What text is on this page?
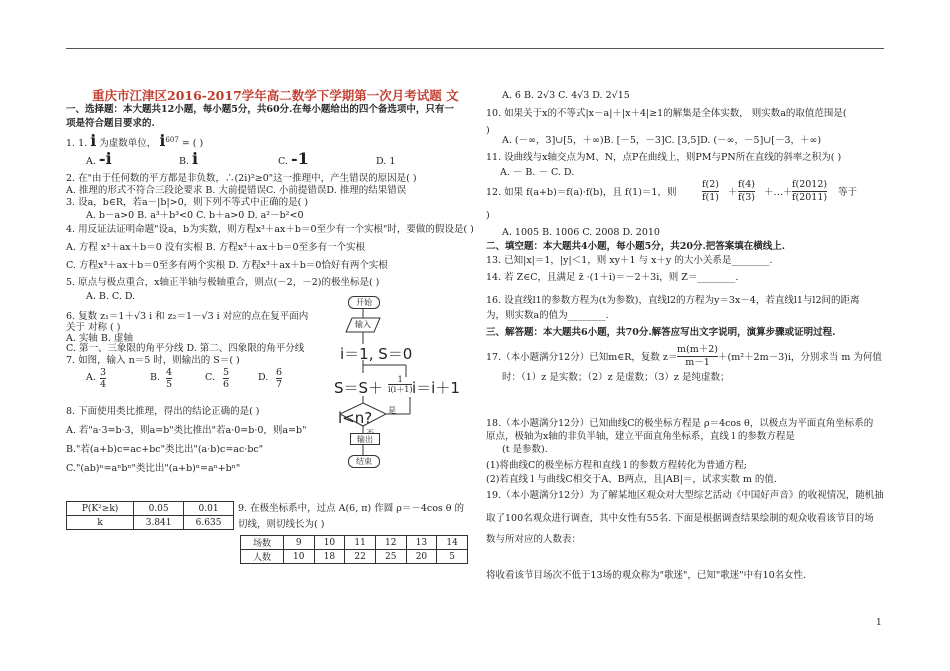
重庆市江津区2016-2017学年高二数学下学期第一次月考试题 文
一、选择题：本大题共12小题，每小题5分，共60分.在每小题给出的四个备选项中，只有一
项是符合题目要求的.
1. 1. i 为虚数单位， $i^{607}$ = ( )
A. -i	B. i	C. -1	D. 1
2. 在"由于任何数的平方都是非负数，∴(2i)²≥0"这一推理中，产生错误的原因是( )
A. 推理的形式不符合三段论要求 B. 大前提错误C. 小前提错误D. 推理的结果错误
3. 设a，b∈R，若a－|b|>0，则下列不等式中正确的是( )
A. b－a>0 B. a³＋b³<0 C. b＋a>0 D. a²－b²<0
4. 用反证法证明命题"设a，b为实数，则方程x³＋ax＋b＝0至少有一个实根"时，要做的假设是( )
A. 方程 x³＋ax＋b＝0 没有实根 B. 方程x³＋ax＋b＝0至多有一个实根
C. 方程x³＋ax＋b＝0至多有两个实根 D. 方程x³＋ax＋b＝0恰好有两个实根
5. 原点与极点重合，x轴正半轴与极轴重合，则点(－2，－2)的极坐标是( )
A. B. C. D.
6. 复数 z₁＝1＋√3 i 和 z₂＝1－√3 i 对应的点在复平面内
关于 对称 ( )
A. 实轴 B. 虚轴
C. 第一、三象限的角平分线 D. 第二、四象限的角平分线
7. 如图，输入 n＝5 时，则输出的 S＝( )
A. $\frac{3}{4}$	B. $\frac{4}{5}$	C. $\frac{5}{6}$	D. $\frac{6}{7}$
8. 下面使用类比推理，得出的结论正确的是( )
A. 若"a·3=b·3，则a=b"类比推出"若a·0=b·0，则a=b"
B."若(a+b)c=ac+bc"类比出"(a·b)c=ac·bc"
C."(ab)ⁿ=aⁿbⁿ"类比出"(a+b)ⁿ=aⁿ+bⁿ"
P(K²≥k)	0.05	0.01
k	3.841	6.635
9. 在极坐标系中，过点 A(6, π) 作圆 ρ＝－4cos θ 的
切线，则切线长为( )
场数	9	10	11	12	13	14
人数	10	18	22	25	20	5
开始
输入
i＝1, S＝0
$S=S+ \frac{1}{i(i+1)} i=i+1$
i<n? 是
输出
结束
A. 6 B. 2√3 C. 4√3 D. 2√15
10. 如果关于x的不等式|x－a|＋|x＋4|≥1的解集是全体实数， 则实数a的取值范围是(
)
A. (－∞，3]∪[5，＋∞)B. [－5，－3]C. [3,5]D. (－∞，－5]∪[－3，＋∞)
11. 设曲线与x轴交点为M、N，点P在曲线上，则PM与PN所在直线的斜率之积为( )
A. － B. － C. D.
12. 如果 f(a+b)＝f(a)·f(b)，且 f(1)＝1，则	$\frac{f(2)}{f(1)} + \frac{f(4)}{f(3)}$ ＋…＋ $\frac{f(2012)}{f(2011)}$ 等于
)
A. 1005 B. 1006 C. 2008 D. 2010
二、填空题：本大题共4小题，每小题5分，共20分.把答案填在横线上.
13. 已知|x|＝1，|y|＜1，则 xy＋1 与 x＋y 的大小关系是________.
14. 若 Z∈C，且满足 z̄ ·(1＋i)＝－2＋3i，则 Z＝________.
16. 设直线l1的参数方程为(t为参数)，直线l2的方程为y＝3x－4，若直线l1与l2间的距离
为，则实数a的值为________.
三、解答题：本大题共6小题，共70分.解答应写出文字说明，演算步骤或证明过程.
17.（本小题满分12分）已知m∈R，复数 $z= \frac{m(m+2)}{m-1} +(m^2+2m-3)i$，分别求当 m 为何值
时：（1）z 是实数；（2）z 是虚数；（3）z 是纯虚数；
18.（本小题满分12分）已知曲线C的极坐标方程是 ρ＝4cos θ，以极点为平面直角坐标系的
原点，极轴为x轴的非负半轴，建立平面直角坐标系，直线 l 的参数方程是
(t 是参数).
(1)将曲线C的极坐标方程和直线 l 的参数方程转化为普通方程;
(2)若直线 l 与曲线C相交于A、B两点，且|AB|＝，试求实数 m 的值.
19.（本小题满分12分）为了解某地区观众对大型综艺活动《中国好声音》的收视情况，随机抽
取了100名观众进行调查，其中女性有55名. 下面是根据调查结果绘制的观众收看该节目的场
数与所对应的人数表：
将收看该节目场次不低于13场的观众称为"歌迷"，已知"歌迷"中有10名女性.
1
